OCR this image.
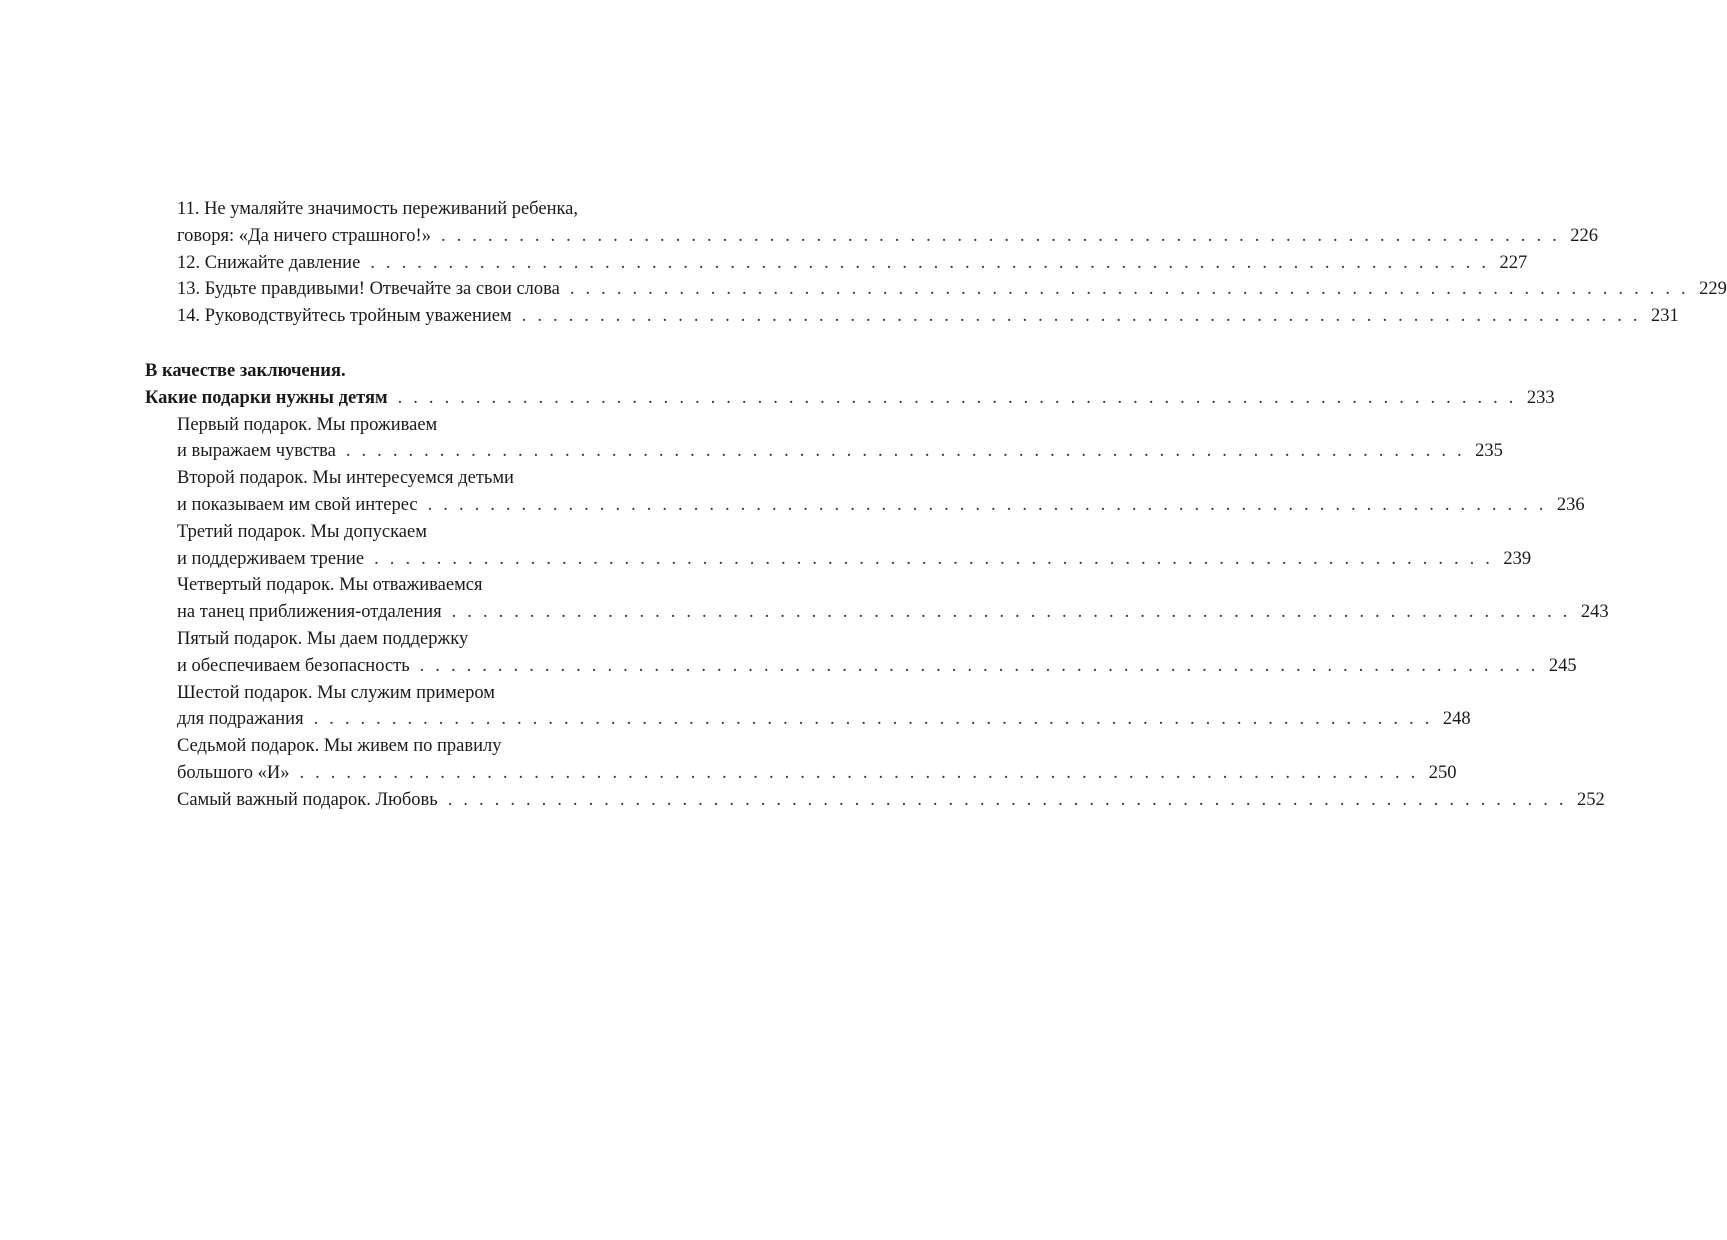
11. Не умаляйте значимость переживаний ребенка,
говоря: «Да ничего страшного!» . . . . . . . . . . . . . . . . . . . . . . . . . . . . . . . . . . . . . . . . . . . . . . . . . . . . . . . . . . . . . . . . . . . . . . . . 226
12. Снижайте давление . . . . . . . . . . . . . . . . . . . . . . . . . . . . . . . . . . . . . . . . . . . . . . . . . . . . . . . . . . . . . . . . . . . . . . . . 227
13. Будьте правдивыми! Отвечайте за свои слова . . . . . . . . . . . . . . . . . . . . . . . . . . . . . . . . . . . . . . . . . . . . . . . . . . . . . . . . . . . . . . . . . . . . . . . . 229
14. Руководствуйтесь тройным уважением . . . . . . . . . . . . . . . . . . . . . . . . . . . . . . . . . . . . . . . . . . . . . . . . . . . . . . . . . . . . . . . . . . . . . . . . 231
В качестве заключения.
Какие подарки нужны детям . . . . . . . . . . . . . . . . . . . . . . . . . . . . . . . . . . . . . . . . . . . . . . . . . . . . . . . . . . . . . . . . . . . . . . . . 233
Первый подарок. Мы проживаем
и выражаем чувства . . . . . . . . . . . . . . . . . . . . . . . . . . . . . . . . . . . . . . . . . . . . . . . . . . . . . . . . . . . . . . . . . . . . . . . . 235
Второй подарок. Мы интересуемся детьми
и показываем им свой интерес . . . . . . . . . . . . . . . . . . . . . . . . . . . . . . . . . . . . . . . . . . . . . . . . . . . . . . . . . . . . . . . . . . . . . . . . 236
Третий подарок. Мы допускаем
и поддерживаем трение . . . . . . . . . . . . . . . . . . . . . . . . . . . . . . . . . . . . . . . . . . . . . . . . . . . . . . . . . . . . . . . . . . . . . . . . 239
Четвертый подарок. Мы отваживаемся
на танец приближения-отдаления . . . . . . . . . . . . . . . . . . . . . . . . . . . . . . . . . . . . . . . . . . . . . . . . . . . . . . . . . . . . . . . . . . . . . . . . 243
Пятый подарок. Мы даем поддержку
и обеспечиваем безопасность . . . . . . . . . . . . . . . . . . . . . . . . . . . . . . . . . . . . . . . . . . . . . . . . . . . . . . . . . . . . . . . . . . . . . . . . 245
Шестой подарок. Мы служим примером
для подражания . . . . . . . . . . . . . . . . . . . . . . . . . . . . . . . . . . . . . . . . . . . . . . . . . . . . . . . . . . . . . . . . . . . . . . . . 248
Седьмой подарок. Мы живем по правилу
большого «И» . . . . . . . . . . . . . . . . . . . . . . . . . . . . . . . . . . . . . . . . . . . . . . . . . . . . . . . . . . . . . . . . . . . . . . . . 250
Самый важный подарок. Любовь . . . . . . . . . . . . . . . . . . . . . . . . . . . . . . . . . . . . . . . . . . . . . . . . . . . . . . . . . . . . . . . . . . . . . . . . 252
